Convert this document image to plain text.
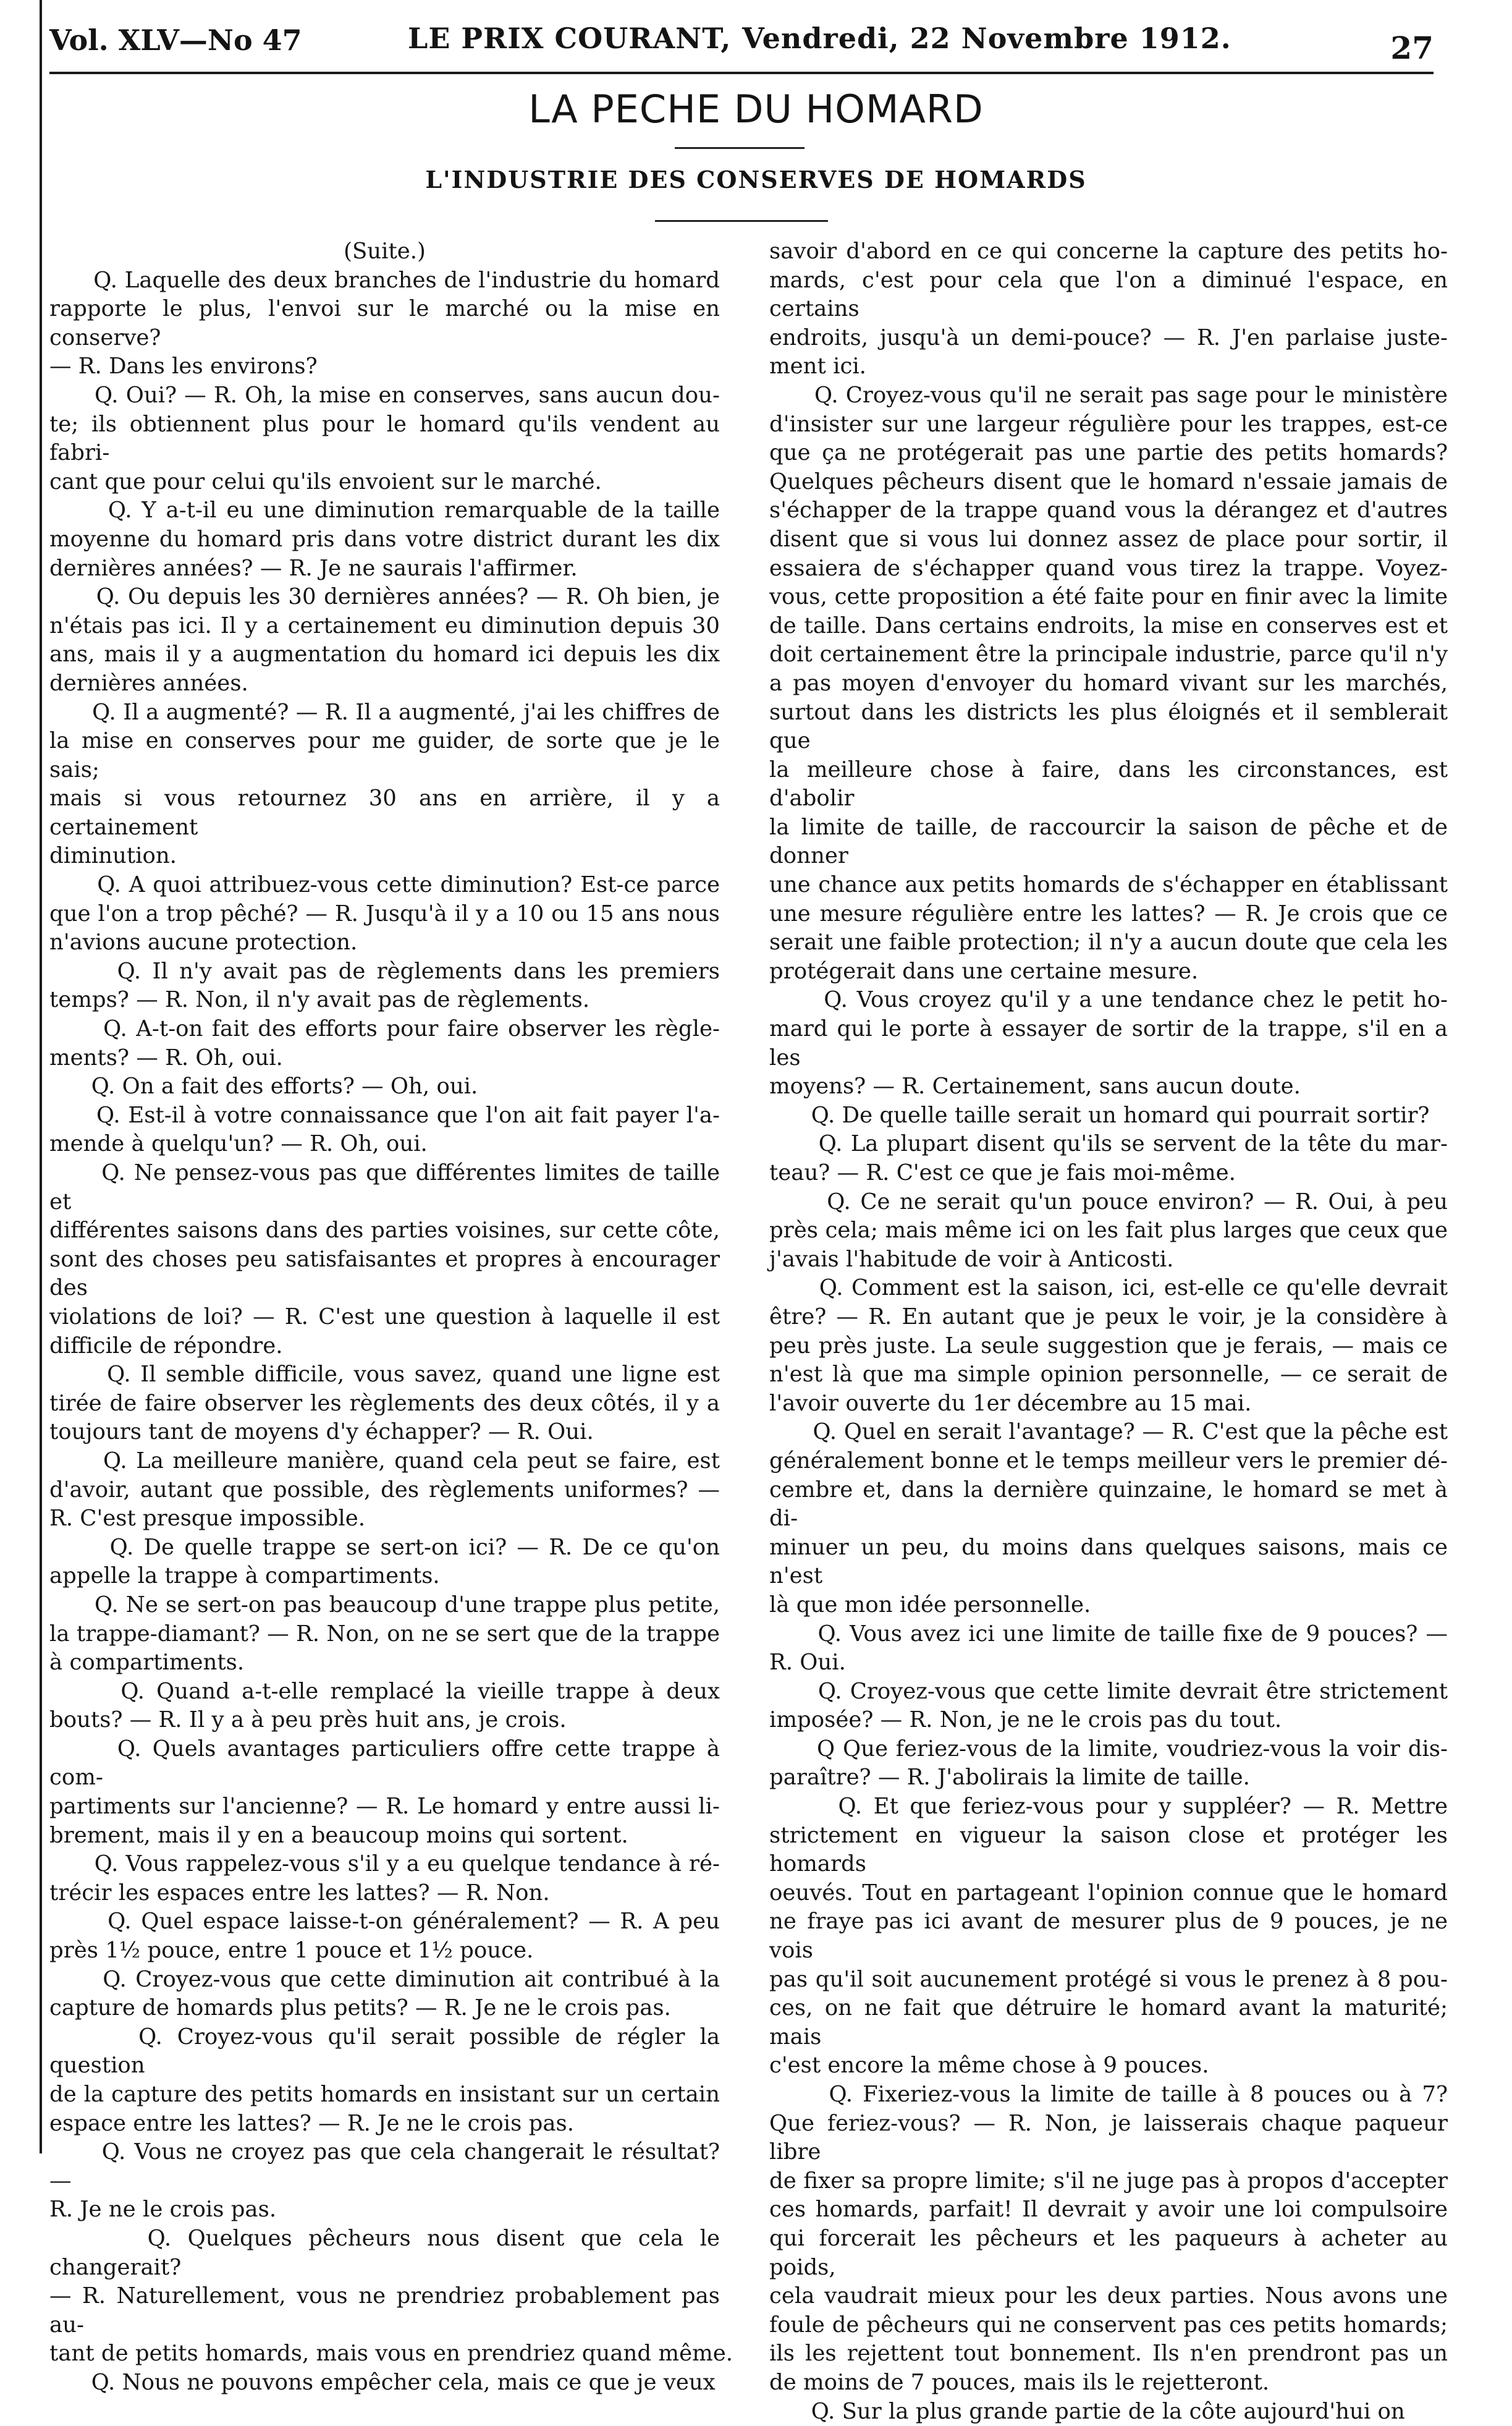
Vol. XLV—No 47	LE PRIX COURANT, Vendredi, 22 Novembre 1912.	27
LA PECHE DU HOMARD
L'INDUSTRIE DES CONSERVES DE HOMARDS

(Suite.)

Q. Laquelle des deux branches de l'industrie du homard

rapporte le plus, l'envoi sur le marché ou la mise en conserve?

— R. Dans les environs?

Q. Oui? — R. Oh, la mise en conserves, sans aucun dou-

te; ils obtiennent plus pour le homard qu'ils vendent au fabri-

cant que pour celui qu'ils envoient sur le marché.

Q. Y a-t-il eu une diminution remarquable de la taille

moyenne du homard pris dans votre district durant les dix

dernières années? — R. Je ne saurais l'affirmer.

Q. Ou depuis les 30 dernières années? — R. Oh bien, je

n'étais pas ici. Il y a certainement eu diminution depuis 30

ans, mais il y a augmentation du homard ici depuis les dix

dernières années.

Q. Il a augmenté? — R. Il a augmenté, j'ai les chiffres de

la mise en conserves pour me guider, de sorte que je le sais;

mais si vous retournez 30 ans en arrière, il y a certainement

diminution.

Q. A quoi attribuez-vous cette diminution? Est-ce parce

que l'on a trop pêché? — R. Jusqu'à il y a 10 ou 15 ans nous

n'avions aucune protection.

Q. Il n'y avait pas de règlements dans les premiers

temps? — R. Non, il n'y avait pas de règlements.

Q. A-t-on fait des efforts pour faire observer les règle-

ments? — R. Oh, oui.

Q. On a fait des efforts? — Oh, oui.

Q. Est-il à votre connaissance que l'on ait fait payer l'a-

mende à quelqu'un? — R. Oh, oui.

Q. Ne pensez-vous pas que différentes limites de taille et

différentes saisons dans des parties voisines, sur cette côte,

sont des choses peu satisfaisantes et propres à encourager des

violations de loi? — R. C'est une question à laquelle il est

difficile de répondre.

Q. Il semble difficile, vous savez, quand une ligne est

tirée de faire observer les règlements des deux côtés, il y a

toujours tant de moyens d'y échapper? — R. Oui.

Q. La meilleure manière, quand cela peut se faire, est

d'avoir, autant que possible, des règlements uniformes? —

R. C'est presque impossible.

Q. De quelle trappe se sert-on ici? — R. De ce qu'on

appelle la trappe à compartiments.

Q. Ne se sert-on pas beaucoup d'une trappe plus petite,

la trappe-diamant? — R. Non, on ne se sert que de la trappe

à compartiments.

Q. Quand a-t-elle remplacé la vieille trappe à deux

bouts? — R. Il y a à peu près huit ans, je crois.

Q. Quels avantages particuliers offre cette trappe à com-

partiments sur l'ancienne? — R. Le homard y entre aussi li-

brement, mais il y en a beaucoup moins qui sortent.

Q. Vous rappelez-vous s'il y a eu quelque tendance à ré-

trécir les espaces entre les lattes? — R. Non.

Q. Quel espace laisse-t-on généralement? — R. A peu

près 1½ pouce, entre 1 pouce et 1½ pouce.

Q. Croyez-vous que cette diminution ait contribué à la

capture de homards plus petits? — R. Je ne le crois pas.

Q. Croyez-vous qu'il serait possible de régler la question

de la capture des petits homards en insistant sur un certain

espace entre les lattes? — R. Je ne le crois pas.

Q. Vous ne croyez pas que cela changerait le résultat? —

R. Je ne le crois pas.

Q. Quelques pêcheurs nous disent que cela le changerait?

— R. Naturellement, vous ne prendriez probablement pas au-

tant de petits homards, mais vous en prendriez quand même.

Q. Nous ne pouvons empêcher cela, mais ce que je veux

savoir d'abord en ce qui concerne la capture des petits ho-

mards, c'est pour cela que l'on a diminué l'espace, en certains

endroits, jusqu'à un demi-pouce? — R. J'en parlaise juste-

ment ici.

Q. Croyez-vous qu'il ne serait pas sage pour le ministère

d'insister sur une largeur régulière pour les trappes, est-ce

que ça ne protégerait pas une partie des petits homards?

Quelques pêcheurs disent que le homard n'essaie jamais de

s'échapper de la trappe quand vous la dérangez et d'autres

disent que si vous lui donnez assez de place pour sortir, il

essaiera de s'échapper quand vous tirez la trappe. Voyez-

vous, cette proposition a été faite pour en finir avec la limite

de taille. Dans certains endroits, la mise en conserves est et

doit certainement être la principale industrie, parce qu'il n'y

a pas moyen d'envoyer du homard vivant sur les marchés,

surtout dans les districts les plus éloignés et il semblerait que

la meilleure chose à faire, dans les circonstances, est d'abolir

la limite de taille, de raccourcir la saison de pêche et de donner

une chance aux petits homards de s'échapper en établissant

une mesure régulière entre les lattes? — R. Je crois que ce

serait une faible protection; il n'y a aucun doute que cela les

protégerait dans une certaine mesure.

Q. Vous croyez qu'il y a une tendance chez le petit ho-

mard qui le porte à essayer de sortir de la trappe, s'il en a les

moyens? — R. Certainement, sans aucun doute.

Q. De quelle taille serait un homard qui pourrait sortir?

Q. La plupart disent qu'ils se servent de la tête du mar-

teau? — R. C'est ce que je fais moi-même.

Q. Ce ne serait qu'un pouce environ? — R. Oui, à peu

près cela; mais même ici on les fait plus larges que ceux que

j'avais l'habitude de voir à Anticosti.

Q. Comment est la saison, ici, est-elle ce qu'elle devrait

être? — R. En autant que je peux le voir, je la considère à

peu près juste. La seule suggestion que je ferais, — mais ce

n'est là que ma simple opinion personnelle, — ce serait de

l'avoir ouverte du 1er décembre au 15 mai.

Q. Quel en serait l'avantage? — R. C'est que la pêche est

généralement bonne et le temps meilleur vers le premier dé-

cembre et, dans la dernière quinzaine, le homard se met à di-

minuer un peu, du moins dans quelques saisons, mais ce n'est

là que mon idée personnelle.

Q. Vous avez ici une limite de taille fixe de 9 pouces? —

R. Oui.

Q. Croyez-vous que cette limite devrait être strictement

imposée? — R. Non, je ne le crois pas du tout.

Q Que feriez-vous de la limite, voudriez-vous la voir dis-

paraître? — R. J'abolirais la limite de taille.

Q. Et que feriez-vous pour y suppléer? — R. Mettre

strictement en vigueur la saison close et protéger les homards

oeuvés. Tout en partageant l'opinion connue que le homard

ne fraye pas ici avant de mesurer plus de 9 pouces, je ne vois

pas qu'il soit aucunement protégé si vous le prenez à 8 pou-

ces, on ne fait que détruire le homard avant la maturité; mais

c'est encore la même chose à 9 pouces.

Q. Fixeriez-vous la limite de taille à 8 pouces ou à 7?

Que feriez-vous? — R. Non, je laisserais chaque paqueur libre

de fixer sa propre limite; s'il ne juge pas à propos d'accepter

ces homards, parfait! Il devrait y avoir une loi compulsoire

qui forcerait les pêcheurs et les paqueurs à acheter au poids,

cela vaudrait mieux pour les deux parties. Nous avons une

foule de pêcheurs qui ne conservent pas ces petits homards;

ils les rejettent tout bonnement. Ils n'en prendront pas un

de moins de 7 pouces, mais ils le rejetteront.

Q. Sur la plus grande partie de la côte aujourd'hui on
